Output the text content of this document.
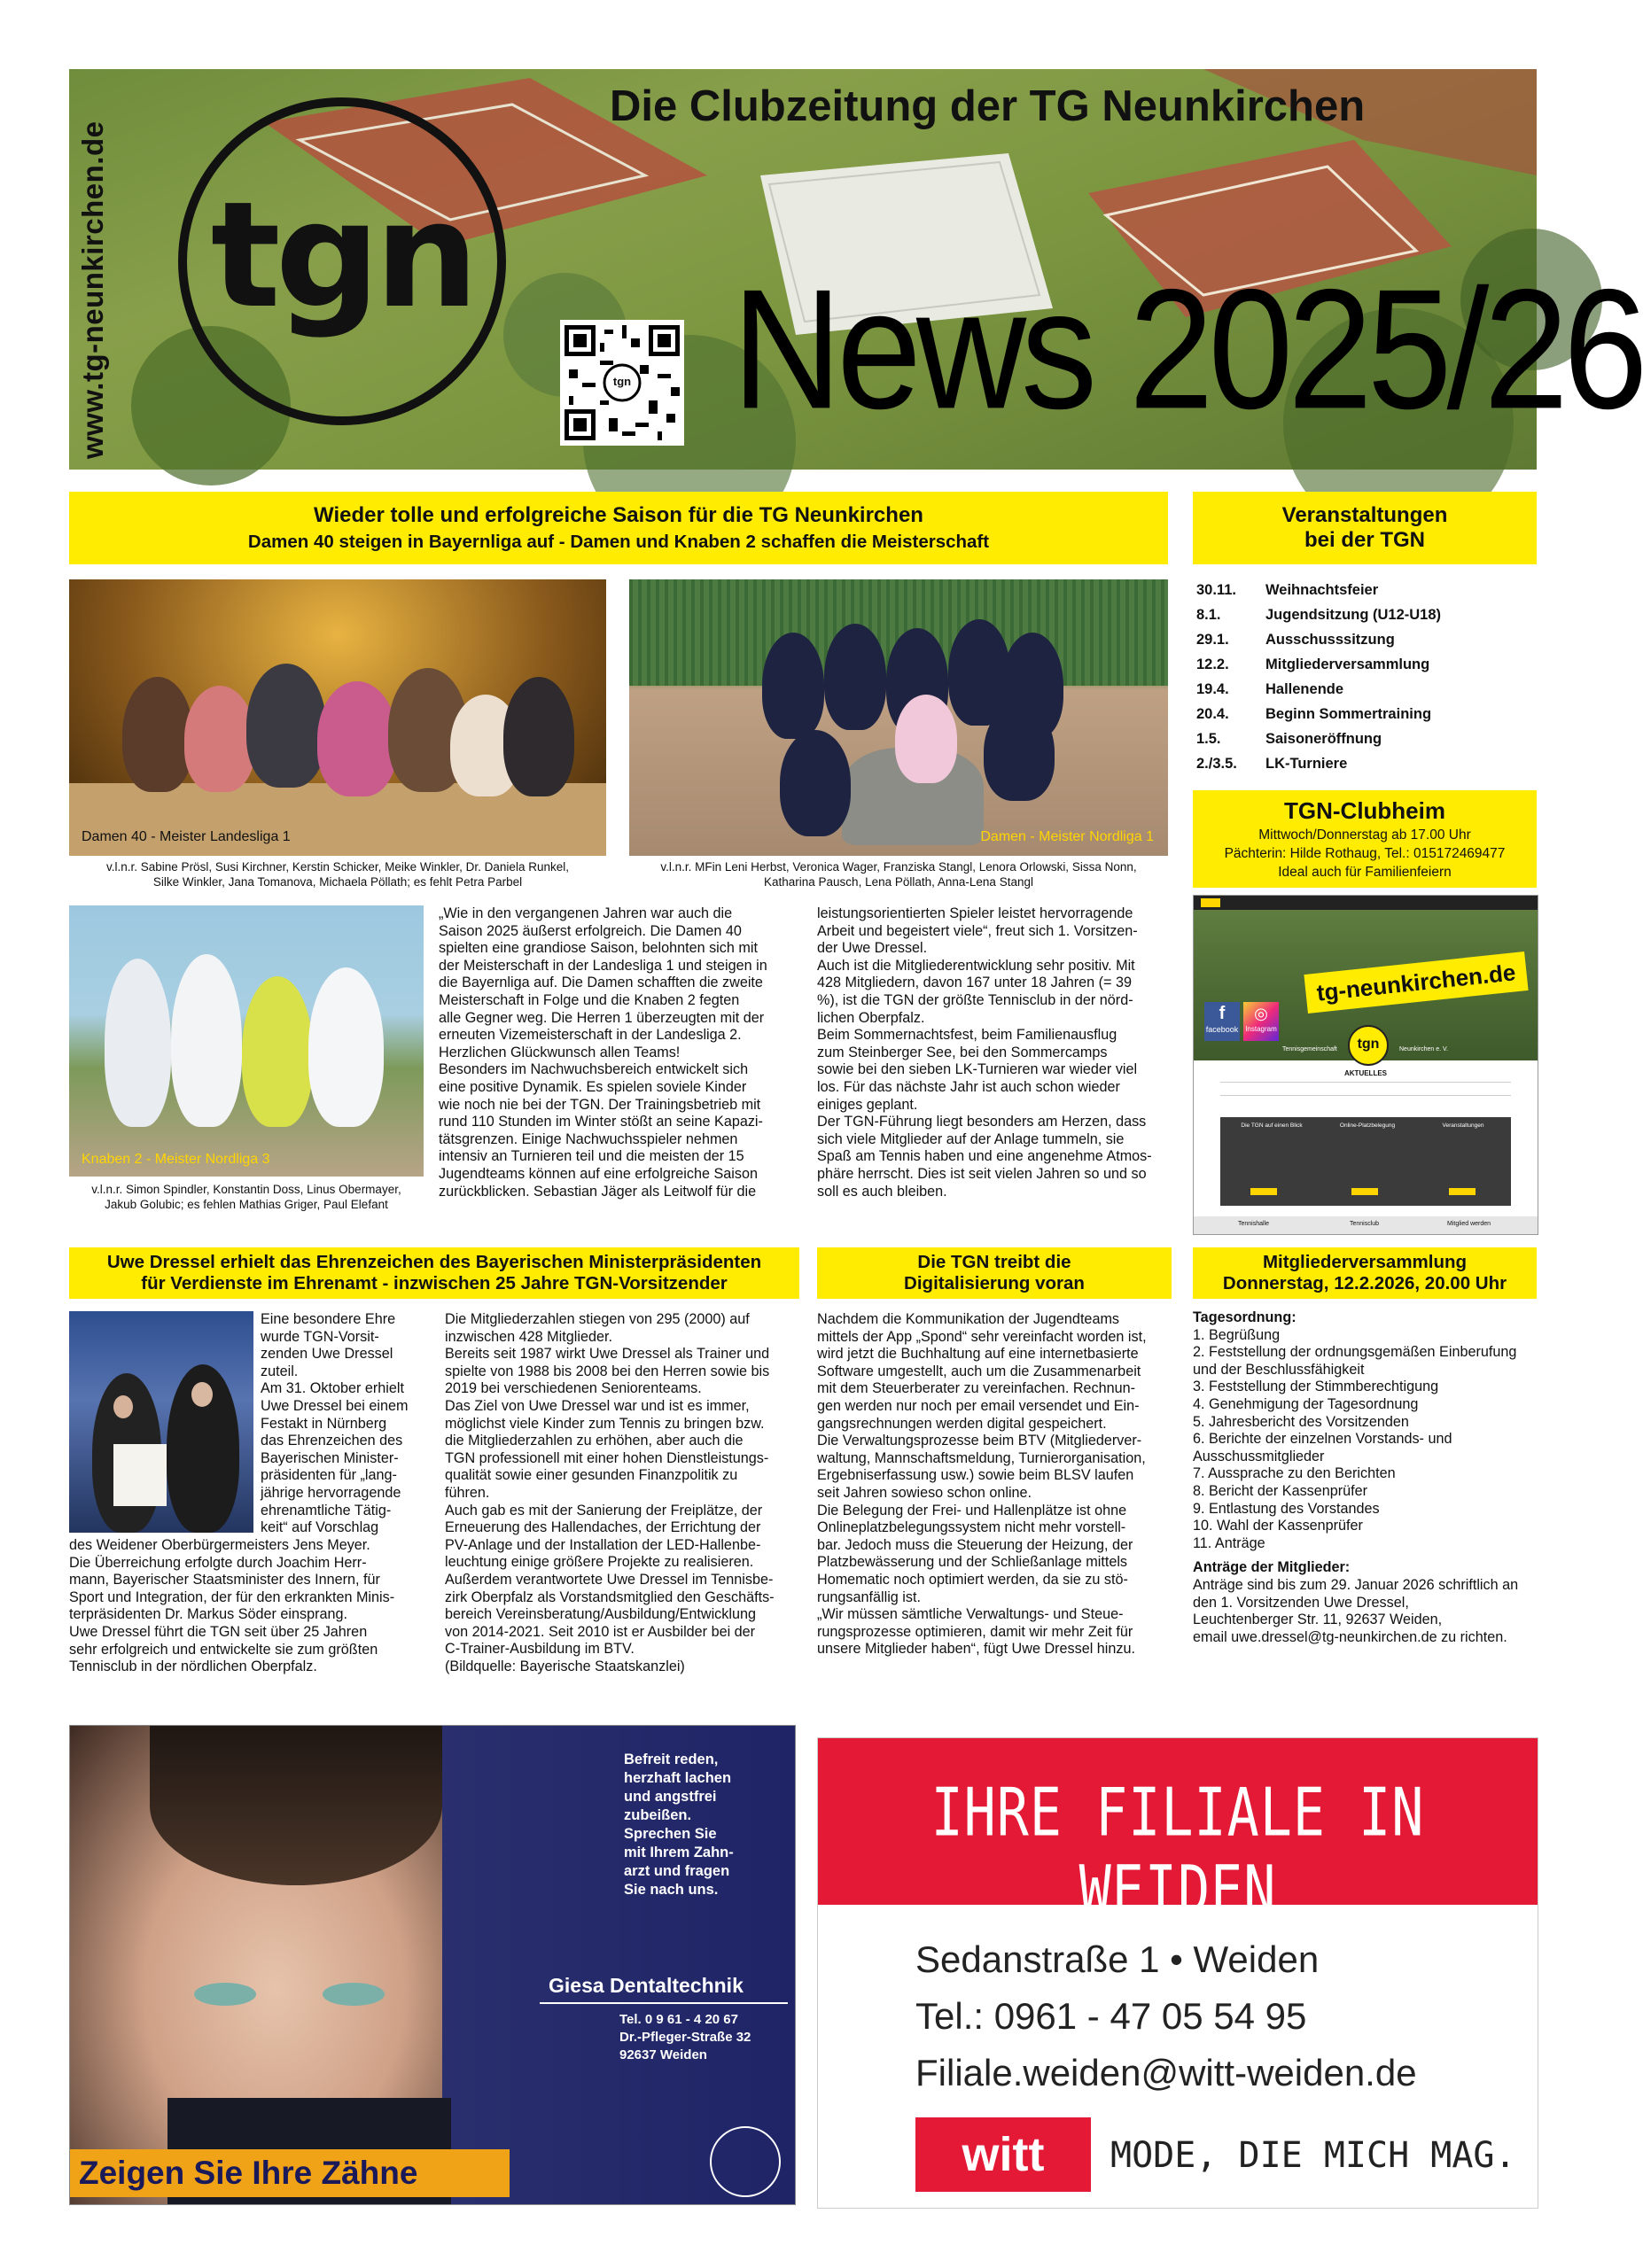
www.tg-neunkirchen.de tgn
tgn
Die Clubzeitung der TG Neunkirchen
News 2025/26
Wieder tolle und erfolgreiche Saison für die TG Neunkirchen
Damen 40 steigen in Bayernliga auf - Damen und Knaben 2 schaffen die Meisterschaft
Damen 40 - Meister Landesliga 1
v.l.n.r. Sabine Prösl, Susi Kirchner, Kerstin Schicker, Meike Winkler, Dr. Daniela Runkel,
Silke Winkler, Jana Tomanova, Michaela Pöllath; es fehlt Petra Parbel
Damen - Meister Nordliga 1
v.l.n.r. MFin Leni Herbst, Veronica Wager, Franziska Stangl, Lenora Orlowski, Sissa Nonn,
Katharina Pausch, Lena Pöllath, Anna-Lena Stangl
Knaben 2 - Meister Nordliga 3
v.l.n.r. Simon Spindler, Konstantin Doss, Linus Obermayer,
Jakub Golubic; es fehlen Mathias Griger, Paul Elefant
„Wie in den vergangenen Jahren war auch die
Saison 2025 äußerst erfolgreich. Die Damen 40
spielten eine grandiose Saison, belohnten sich mit
der Meisterschaft in der Landesliga 1 und steigen in
die Bayernliga auf. Die Damen schafften die zweite
Meisterschaft in Folge und die Knaben 2 fegten
alle Gegner weg. Die Herren 1 überzeugten mit der
erneuten Vizemeisterschaft in der Landesliga 2.
Herzlichen Glückwunsch allen Teams!
Besonders im Nachwuchsbereich entwickelt sich
eine positive Dynamik. Es spielen soviele Kinder
wie noch nie bei der TGN. Der Trainingsbetrieb mit
rund 110 Stunden im Winter stößt an seine Kapazi-
tätsgrenzen. Einige Nachwuchsspieler nehmen
intensiv an Turnieren teil und die meisten der 15
Jugendteams können auf eine erfolgreiche Saison
zurückblicken. Sebastian Jäger als Leitwolf für die
leistungsorientierten Spieler leistet hervorragende
Arbeit und begeistert viele“, freut sich 1. Vorsitzen-
der Uwe Dressel.
Auch ist die Mitgliederentwicklung sehr positiv. Mit
428 Mitgliedern, davon 167 unter 18 Jahren (= 39
%), ist die TGN der größte Tennisclub in der nörd-
lichen Oberpfalz.
Beim Sommernachtsfest, beim Familienausflug
zum Steinberger See, bei den Sommercamps
sowie bei den sieben LK-Turnieren war wieder viel
los. Für das nächste Jahr ist auch schon wieder
einiges geplant.
Der TGN-Führung liegt besonders am Herzen, dass
sich viele Mitglieder auf der Anlage tummeln, sie
Spaß am Tennis haben und eine angenehme Atmos-
phäre herrscht. Dies ist seit vielen Jahren so und so
soll es auch bleiben.
Veranstaltungen
bei der TGN
30.11.	Weihnachtsfeier
8.1.	Jugendsitzung (U12-U18)
29.1.	Ausschusssitzung
12.2.	Mitgliederversammlung
19.4.	Hallenende
20.4.	Beginn Sommertraining
1.5.	Saisoneröffnung
2./3.5.	LK-Turniere
TGN-Clubheim
Mittwoch/Donnerstag ab 17.00 Uhr
Pächterin: Hilde Rothaug, Tel.: 015172469477
Ideal auch für Familienfeiern
tg-neunkirchen.de
f
facebook
◎
Instagram
tgn
Tennisgemeinschaft	Neunkirchen e. V.
AKTUELLES
Die TGN auf einen Blick	Online-Platzbelegung	Veranstaltungen
Tennishalle	Tennisclub	Mitglied werden
Uwe Dressel erhielt das Ehrenzeichen des Bayerischen Ministerpräsidenten
für Verdienste im Ehrenamt - inzwischen 25 Jahre TGN-Vorsitzender
Eine besondere Ehre
wurde TGN-Vorsit-
zenden Uwe Dressel
zuteil.
Am 31. Oktober erhielt
Uwe Dressel bei einem
Festakt in Nürnberg
das Ehrenzeichen des
Bayerischen Minister-
präsidenten für „lang-
jährige hervorragende
ehrenamtliche Tätig-
keit“ auf Vorschlag
des Weidener Oberbürgermeisters Jens Meyer.
Die Überreichung erfolgte durch Joachim Herr-
mann, Bayerischer Staatsminister des Innern, für
Sport und Integration, der für den erkrankten Minis-
terpräsidenten Dr. Markus Söder einsprang.
Uwe Dressel führt die TGN seit über 25 Jahren
sehr erfolgreich und entwickelte sie zum größten
Tennisclub in der nördlichen Oberpfalz.
Die Mitgliederzahlen stiegen von 295 (2000) auf
inzwischen 428 Mitglieder.
Bereits seit 1987 wirkt Uwe Dressel als Trainer und
spielte von 1988 bis 2008 bei den Herren sowie bis
2019 bei verschiedenen Seniorenteams.
Das Ziel von Uwe Dressel war und ist es immer,
möglichst viele Kinder zum Tennis zu bringen bzw.
die Mitgliederzahlen zu erhöhen, aber auch die
TGN professionell mit einer hohen Dienstleistungs-
qualität sowie einer gesunden Finanzpolitik zu
führen.
Auch gab es mit der Sanierung der Freiplätze, der
Erneuerung des Hallendaches, der Errichtung der
PV-Anlage und der Installation der LED-Hallenbe-
leuchtung einige größere Projekte zu realisieren.
Außerdem verantwortete Uwe Dressel im Tennisbe-
zirk Oberpfalz als Vorstandsmitglied den Geschäfts-
bereich Vereinsberatung/Ausbildung/Entwicklung
von 2014-2021. Seit 2010 ist er Ausbilder bei der
C-Trainer-Ausbildung im BTV.
(Bildquelle: Bayerische Staatskanzlei)
Die TGN treibt die
Digitalisierung voran
Nachdem die Kommunikation der Jugendteams
mittels der App „Spond“ sehr vereinfacht worden ist,
wird jetzt die Buchhaltung auf eine internetbasierte
Software umgestellt, auch um die Zusammenarbeit
mit dem Steuerberater zu vereinfachen. Rechnun-
gen werden nur noch per email versendet und Ein-
gangsrechnungen werden digital gespeichert.
Die Verwaltungsprozesse beim BTV (Mitgliederver-
waltung, Mannschaftsmeldung, Turnierorganisation,
Ergebniserfassung usw.) sowie beim BLSV laufen
seit Jahren sowieso schon online.
Die Belegung der Frei- und Hallenplätze ist ohne
Onlineplatzbelegungssystem nicht mehr vorstell-
bar. Jedoch muss die Steuerung der Heizung, der
Platzbewässerung und der Schließanlage mittels
Homematic noch optimiert werden, da sie zu stö-
rungsanfällig ist.
„Wir müssen sämtliche Verwaltungs- und Steue-
rungsprozesse optimieren, damit wir mehr Zeit für
unsere Mitglieder haben“, fügt Uwe Dressel hinzu.
Mitgliederversammlung
Donnerstag, 12.2.2026, 20.00 Uhr
Tagesordnung:
1. Begrüßung
2. Feststellung der ordnungsgemäßen Einberufung
und der Beschlussfähigkeit
3. Feststellung der Stimmberechtigung
4. Genehmigung der Tagesordnung
5. Jahresbericht des Vorsitzenden
6. Berichte der einzelnen Vorstands- und
Ausschussmitglieder
7. Aussprache zu den Berichten
8. Bericht der Kassenprüfer
9. Entlastung des Vorstandes
10. Wahl der Kassenprüfer
11. Anträge
Anträge der Mitglieder:
Anträge sind bis zum 29. Januar 2026 schriftlich an
den 1. Vorsitzenden Uwe Dressel,
Leuchtenberger Str. 11, 92637 Weiden,
email uwe.dressel@tg-neunkirchen.de zu richten.
Befreit reden,
herzhaft lachen
und angstfrei
zubeißen.
Sprechen Sie
mit Ihrem Zahn-
arzt und fragen
Sie nach uns.
Giesa Dentaltechnik
Tel. 0 9 61 - 4 20 67
Dr.-Pfleger-Straße 32
92637 Weiden
Zeigen Sie Ihre Zähne
IHRE FILIALE IN WEIDEN
Sedanstraße 1 • Weiden
Tel.: 0961 - 47 05 54 95
Filiale.weiden@witt-weiden.de
witt	MODE, DIE MICH MAG.
